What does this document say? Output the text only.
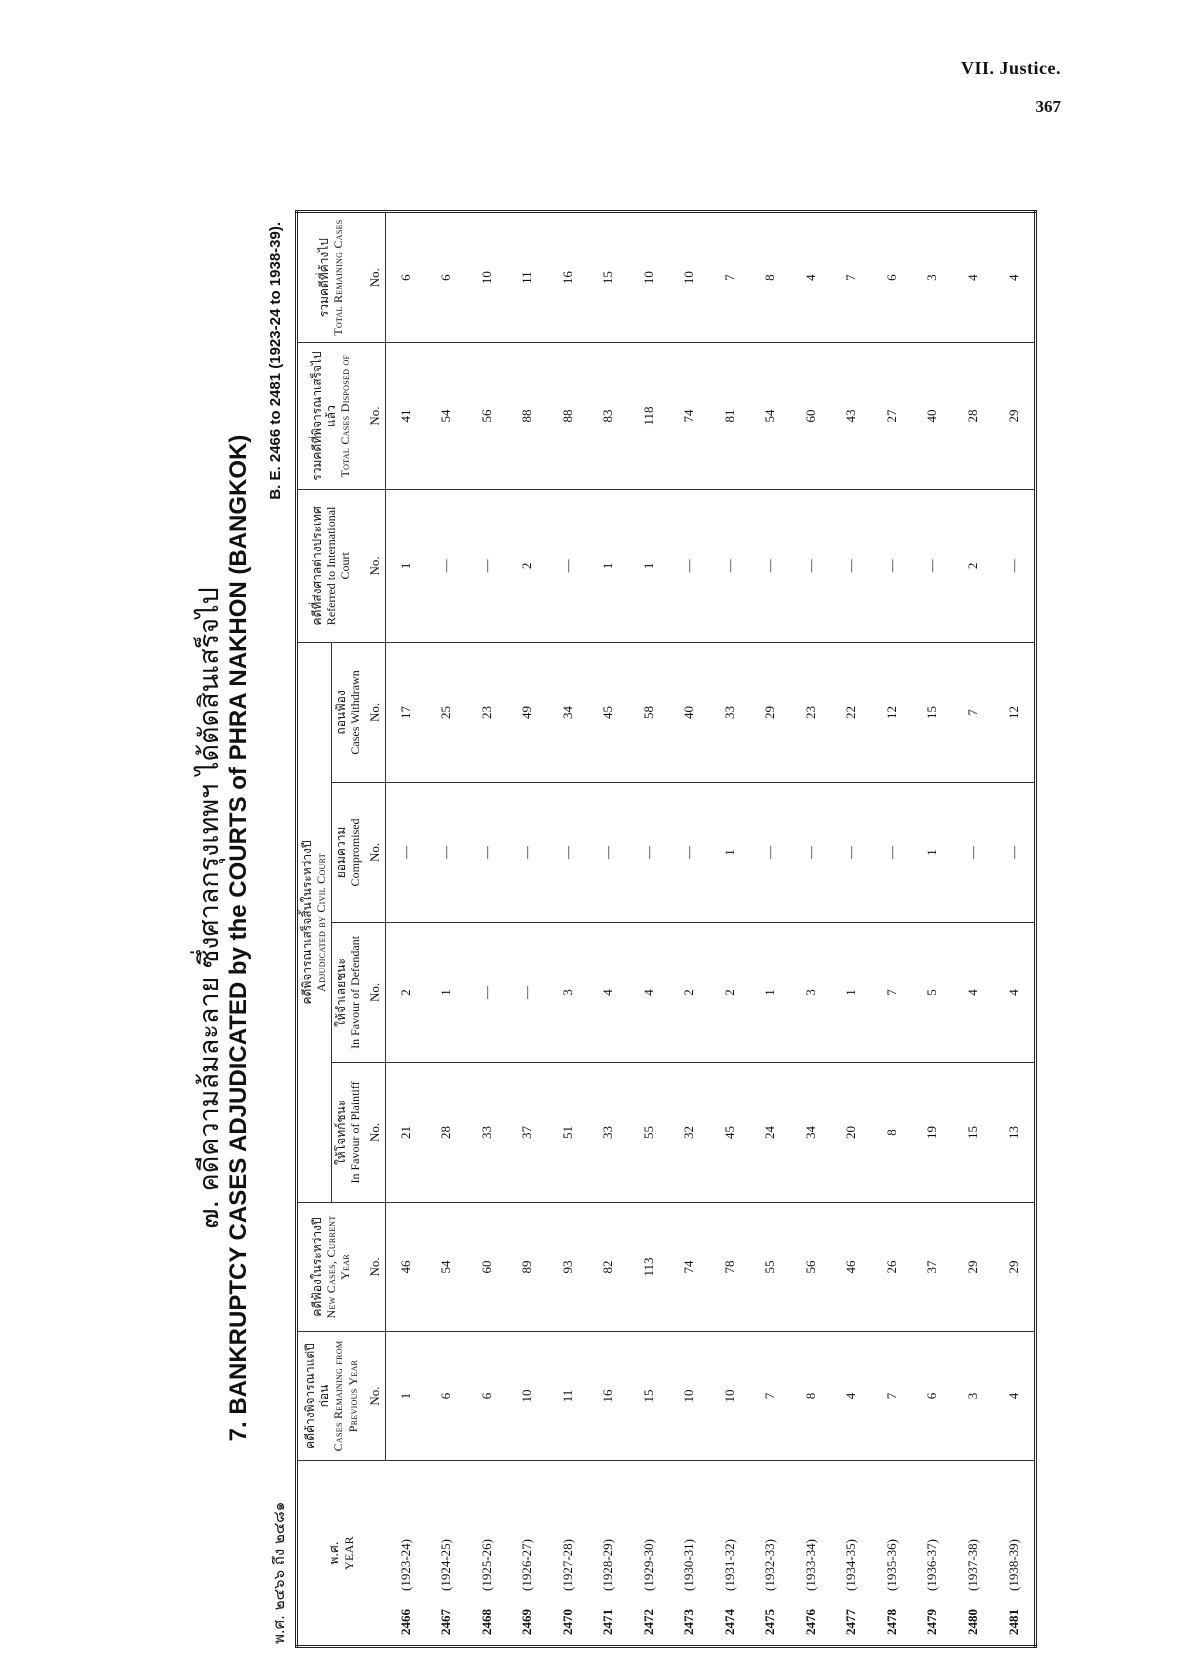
VII. Justice.
367
๗. คดีความล้มละลาย ซึ่งศาลกรุงเทพฯ ได้ตัดสินเสร็จไป 7. BANKRUPTCY CASES ADJUDICATED by the COURTS of PHRA NAKHON (BANGKOK)
พ.ศ. ๒๔๖๖ ถึง ๒๔๘๑
B. E. 2466 to 2481 (1923-24 to 1938-39).
พ.ศ. YEAR	คดีค้างพิจารณาแต่ปีก่อน Cases Remaining from Previous Year	คดีฟ้องในระหว่างปี New Cases, Current Year	คดีพิจารณาเสร็จสิ้นในระหว่างปี Adjudicated by Civil Court				คดีที่ส่งศาลต่างประเทศ Referred to International Court	รวมคดีที่พิจารณาเสร็จไปแล้ว Total Cases Disposed of	รวมคดีที่ค้างไป Total Remaining Cases

			ให้โจทก์ชนะ In Favour of Plaintiff	ให้จำเลยชนะ In Favour of Defendant	ยอมความ Compromised	ถอนฟ้อง Cases Withdrawn			

	No.	No.	No.	No.	No.	No.	No.	No.	No.
2466(1923-24)	1	46	21	2	—	17	1	41	6
2467(1924-25)	6	54	28	1	—	25	—	54	6
2468(1925-26)	6	60	33	—	—	23	—	56	10
2469(1926-27)	10	89	37	—	—	49	2	88	11
2470(1927-28)	11	93	51	3	—	34	—	88	16
2471(1928-29)	16	82	33	4	—	45	1	83	15
2472(1929-30)	15	113	55	4	—	58	1	118	10
2473(1930-31)	10	74	32	2	—	40	—	74	10
2474(1931-32)	10	78	45	2	1	33	—	81	7
2475(1932-33)	7	55	24	1	—	29	—	54	8
2476(1933-34)	8	56	34	3	—	23	—	60	4
2477(1934-35)	4	46	20	1	—	22	—	43	7
2478(1935-36)	7	26	8	7	—	12	—	27	6
2479(1936-37)	6	37	19	5	1	15	—	40	3
2480(1937-38)	3	29	15	4	—	7	2	28	4
2481(1938-39)	4	29	13	4	—	12	—	29	4
